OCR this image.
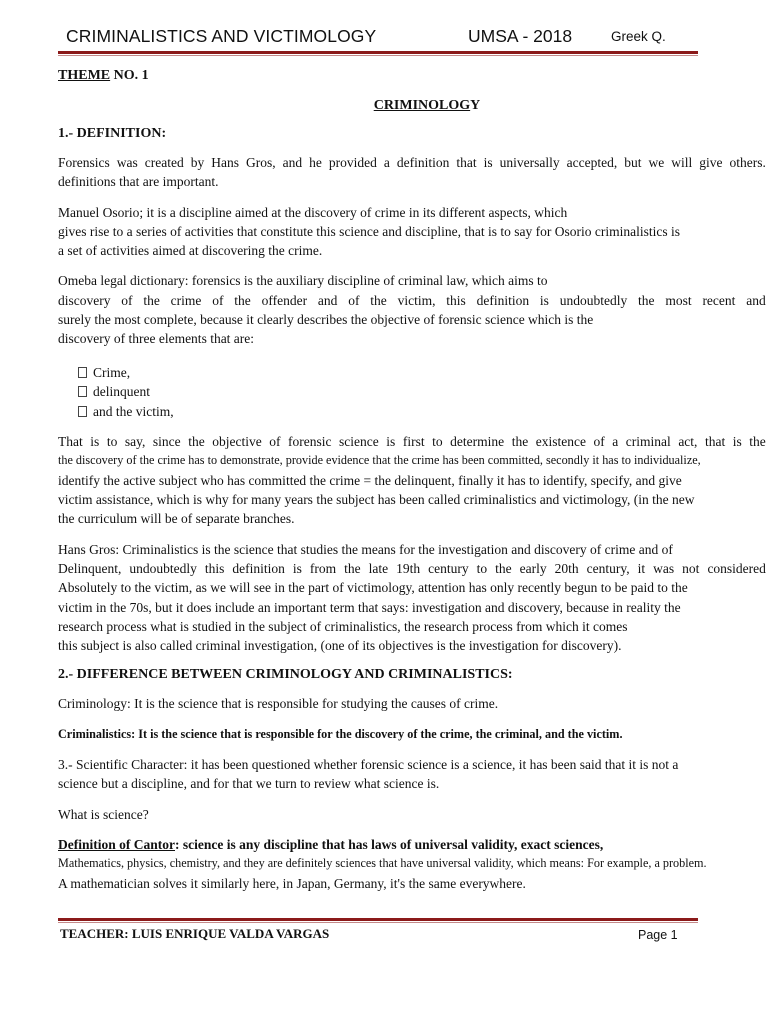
CRIMINALISTICS AND VICTIMOLOGY	UMSA - 2018	Greek Q.

THEME NO. 1

CRIMINOLOGY

1.- DEFINITION:

Forensics was created by Hans Gros, and he provided a definition that is universally accepted, but we will give others.
definitions that are important.

Manuel Osorio; it is a discipline aimed at the discovery of crime in its different aspects, which
gives rise to a series of activities that constitute this science and discipline, that is to say for Osorio criminalistics is
a set of activities aimed at discovering the crime.

Omeba legal dictionary: forensics is the auxiliary discipline of criminal law, which aims to
discovery of the crime of the offender and of the victim, this definition is undoubtedly the most recent and
surely the most complete, because it clearly describes the objective of forensic science which is the
discovery of three elements that are:

Crime,
delinquent
and the victim,

That is to say, since the objective of forensic science is first to determine the existence of a criminal act, that is the
the discovery of the crime has to demonstrate, provide evidence that the crime has been committed, secondly it has to individualize,
identify the active subject who has committed the crime = the delinquent, finally it has to identify, specify, and give
victim assistance, which is why for many years the subject has been called criminalistics and victimology, (in the new
the curriculum will be of separate branches.

Hans Gros: Criminalistics is the science that studies the means for the investigation and discovery of crime and of
Delinquent, undoubtedly this definition is from the late 19th century to the early 20th century, it was not considered
Absolutely to the victim, as we will see in the part of victimology, attention has only recently begun to be paid to the
victim in the 70s, but it does include an important term that says: investigation and discovery, because in reality the
research process what is studied in the subject of criminalistics, the research process from which it comes
this subject is also called criminal investigation, (one of its objectives is the investigation for discovery).

2.- DIFFERENCE BETWEEN CRIMINOLOGY AND CRIMINALISTICS:

Criminology: It is the science that is responsible for studying the causes of crime.

Criminalistics: It is the science that is responsible for the discovery of the crime, the criminal, and the victim.

3.- Scientific Character: it has been questioned whether forensic science is a science, it has been said that it is not a
science but a discipline, and for that we turn to review what science is.

What is science?

Definition of Cantor: science is any discipline that has laws of universal validity, exact sciences,
Mathematics, physics, chemistry, and they are definitely sciences that have universal validity, which means: For example, a problem.
A mathematician solves it similarly here, in Japan, Germany, it's the same everywhere.

TEACHER: LUIS ENRIQUE VALDA VARGAS	Page 1
